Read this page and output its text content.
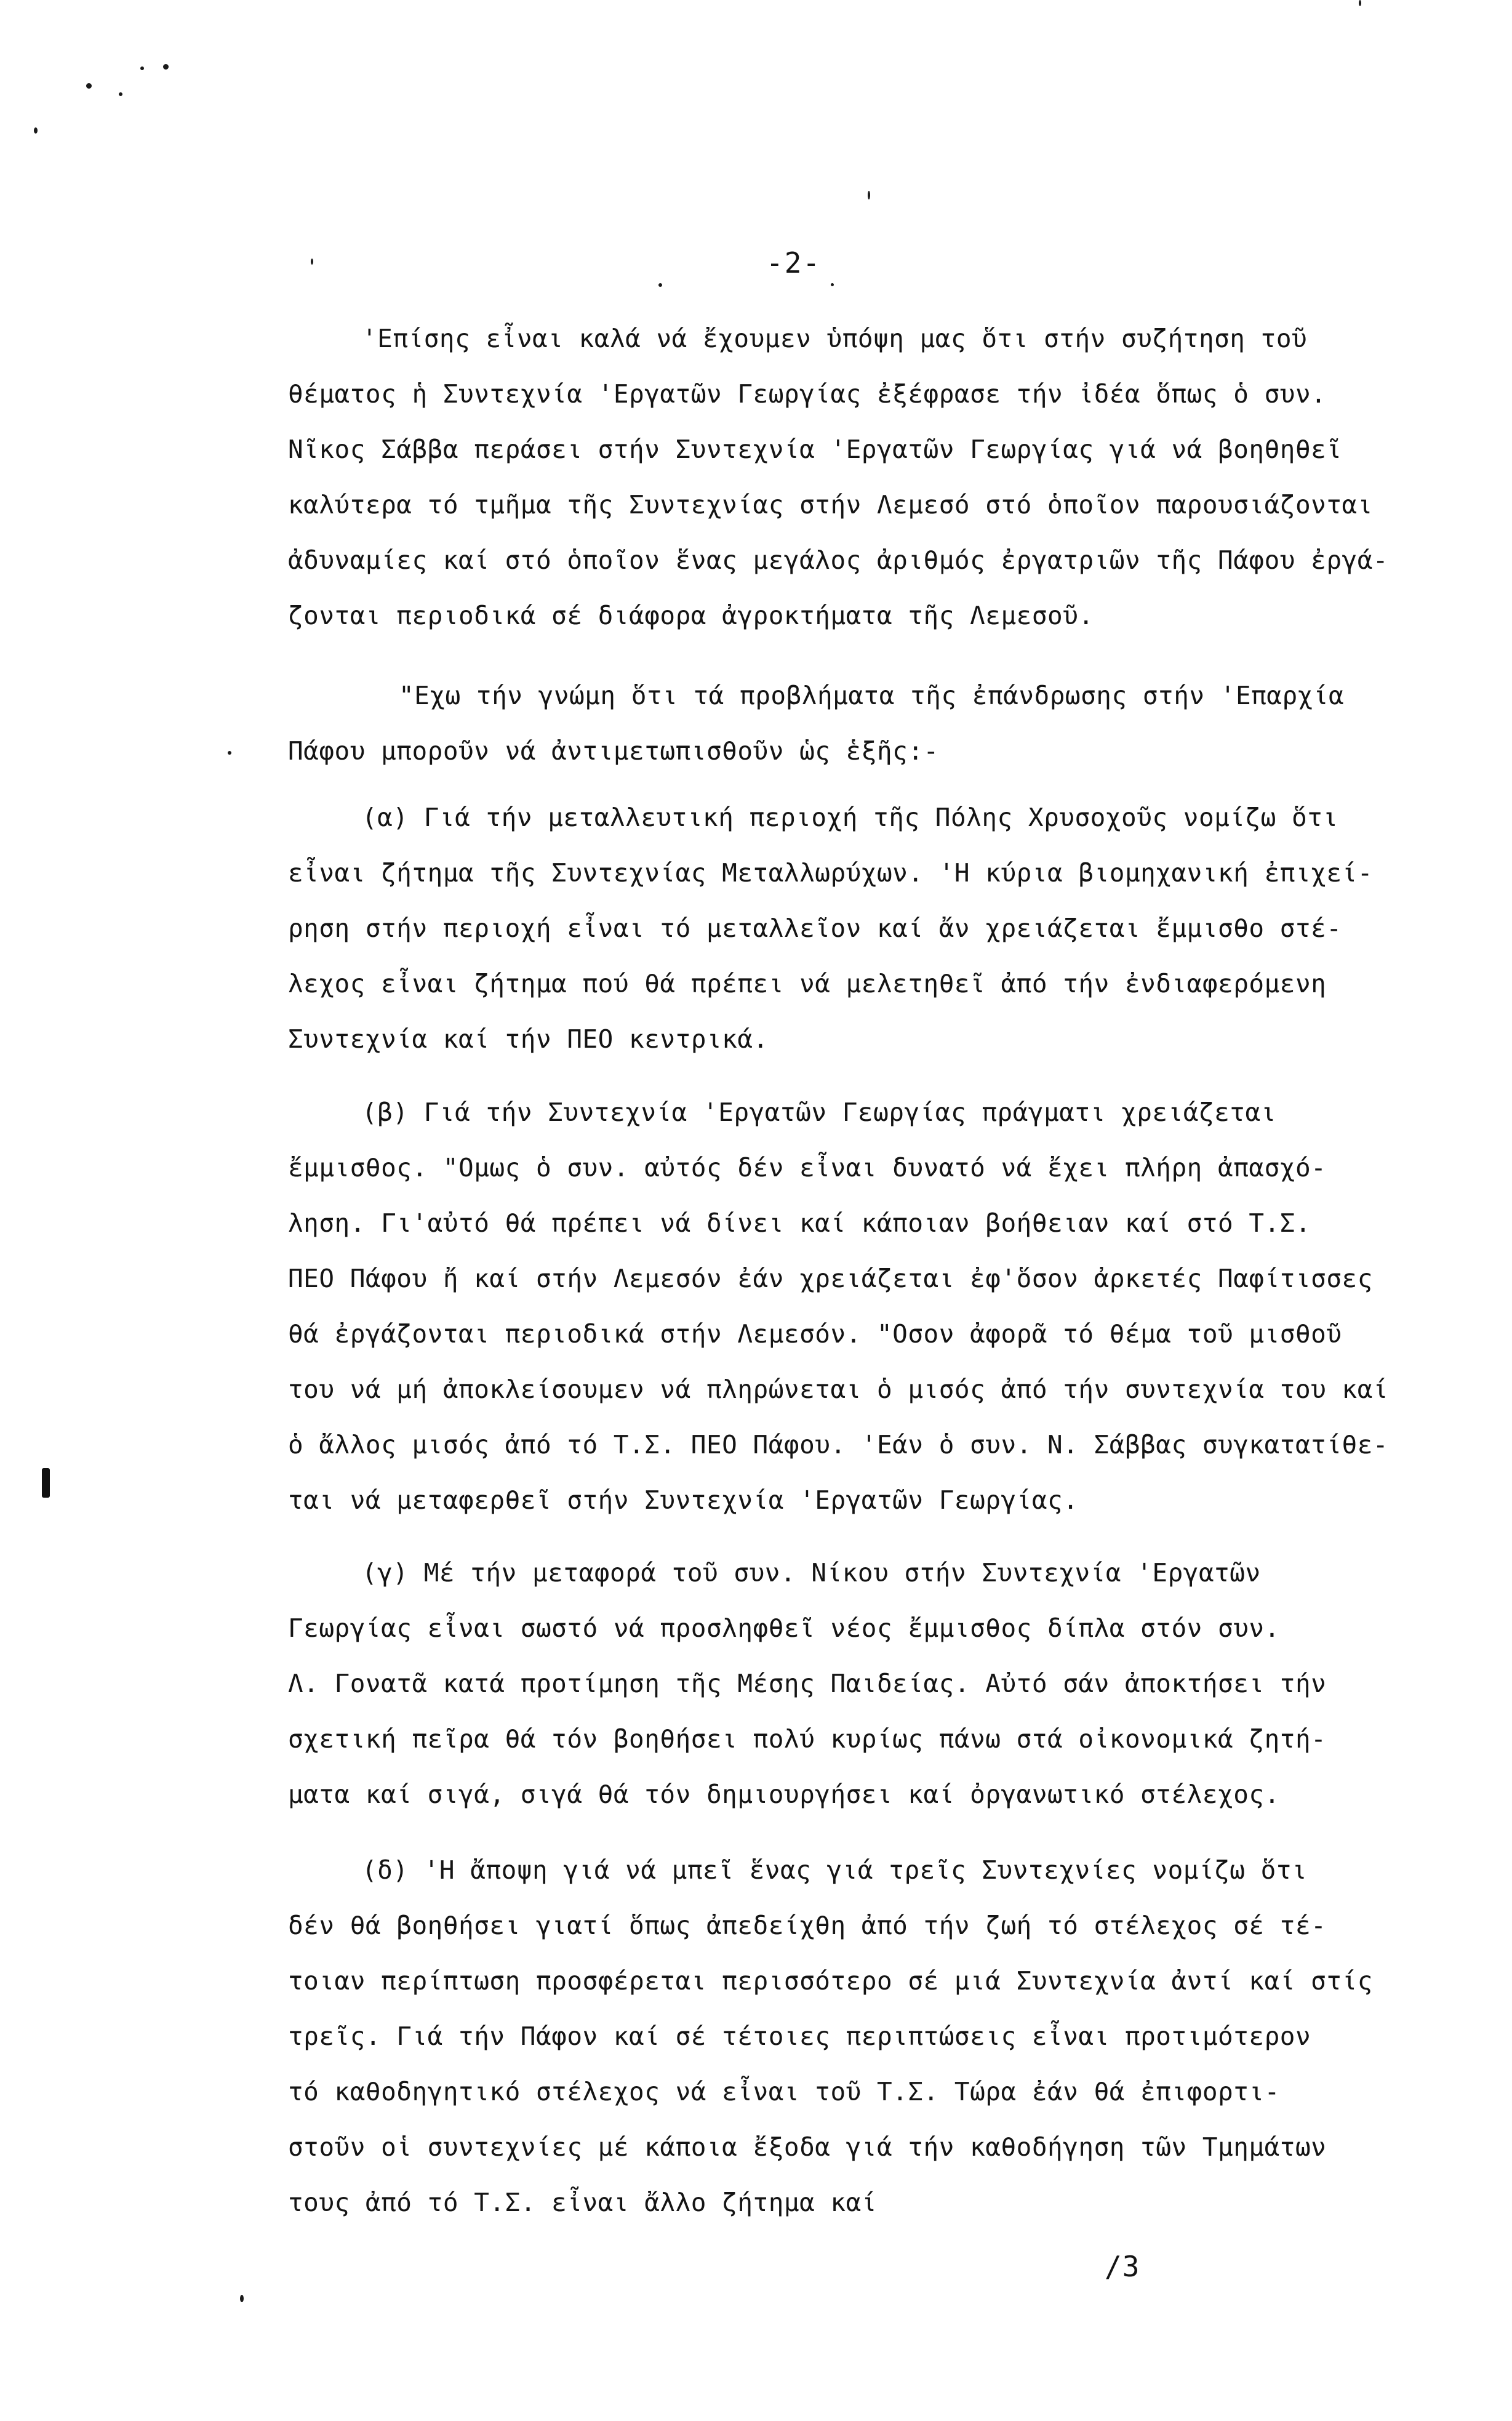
-2-
'Επίσης εἶναι καλά νά ἔχουμεν ὑπόψη μας ὅτι στήν συζήτηση τοῦ
θέματος ἡ Συντεχνία 'Εργατῶν Γεωργίας ἐξέφρασε τήν ἰδέα ὅπως ὁ συν.
Νῖκος Σάββα περάσει στήν Συντεχνία 'Εργατῶν Γεωργίας γιά νά βοηθηθεῖ
καλύτερα τό τμῆμα τῆς Συντεχνίας στήν Λεμεσό στό ὁποῖον παρουσιάζονται
ἀδυναμίες καί στό ὁποῖον ἕνας μεγάλος ἀριθμός ἐργατριῶν τῆς Πάφου ἐργά-
ζονται περιοδικά σέ διάφορα ἀγροκτήματα τῆς Λεμεσοῦ.
"Εχω τήν γνώμη ὅτι τά προβλήματα τῆς ἐπάνδρωσης στήν 'Επαρχία
Πάφου μποροῦν νά ἀντιμετωπισθοῦν ὡς ἑξῆς:-
(α) Γιά τήν μεταλλευτική περιοχή τῆς Πόλης Χρυσοχοῦς νομίζω ὅτι
εἶναι ζήτημα τῆς Συντεχνίας Μεταλλωρύχων. 'Η κύρια βιομηχανική ἐπιχεί-
ρηση στήν περιοχή εἶναι τό μεταλλεῖον καί ἄν χρειάζεται ἔμμισθο στέ-
λεχος εἶναι ζήτημα πού θά πρέπει νά μελετηθεῖ ἀπό τήν ἐνδιαφερόμενη
Συντεχνία καί τήν ΠΕΟ κεντρικά.
(β) Γιά τήν Συντεχνία 'Εργατῶν Γεωργίας πράγματι χρειάζεται
ἔμμισθος. "Ομως ὁ συν. αὐτός δέν εἶναι δυνατό νά ἔχει πλήρη ἀπασχό-
ληση. Γι'αὐτό θά πρέπει νά δίνει καί κάποιαν βοήθειαν καί στό Τ.Σ.
ΠΕΟ Πάφου ἤ καί στήν Λεμεσόν ἐάν χρειάζεται ἐφ'ὅσον ἀρκετές Παφίτισσες
θά ἐργάζονται περιοδικά στήν Λεμεσόν. "Οσον ἀφορᾶ τό θέμα τοῦ μισθοῦ
του νά μή ἀποκλείσουμεν νά πληρώνεται ὁ μισός ἀπό τήν συντεχνία του καί
ὁ ἄλλος μισός ἀπό τό Τ.Σ. ΠΕΟ Πάφου. 'Εάν ὁ συν. Ν. Σάββας συγκατατίθε-
ται νά μεταφερθεῖ στήν Συντεχνία 'Εργατῶν Γεωργίας.
(γ) Μέ τήν μεταφορά τοῦ συν. Νίκου στήν Συντεχνία 'Εργατῶν
Γεωργίας εἶναι σωστό νά προσληφθεῖ νέος ἔμμισθος δίπλα στόν συν.
Λ. Γονατᾶ κατά προτίμηση τῆς Μέσης Παιδείας. Αὐτό σάν ἀποκτήσει τήν
σχετική πεῖρα θά τόν βοηθήσει πολύ κυρίως πάνω στά οἰκονομικά ζητή-
ματα καί σιγά, σιγά θά τόν δημιουργήσει καί ὀργανωτικό στέλεχος.
(δ) 'Η ἄποψη γιά νά μπεῖ ἕνας γιά τρεῖς Συντεχνίες νομίζω ὅτι
δέν θά βοηθήσει γιατί ὅπως ἀπεδείχθη ἀπό τήν ζωή τό στέλεχος σέ τέ-
τοιαν περίπτωση προσφέρεται περισσότερο σέ μιά Συντεχνία ἀντί καί στίς
τρεῖς. Γιά τήν Πάφον καί σέ τέτοιες περιπτώσεις εἶναι προτιμότερον
τό καθοδηγητικό στέλεχος νά εἶναι τοῦ Τ.Σ. Τώρα ἐάν θά ἐπιφορτι-
στοῦν οἱ συντεχνίες μέ κάποια ἔξοδα γιά τήν καθοδήγηση τῶν Τμημάτων
τους ἀπό τό Τ.Σ. εἶναι ἄλλο ζήτημα καί
/3
